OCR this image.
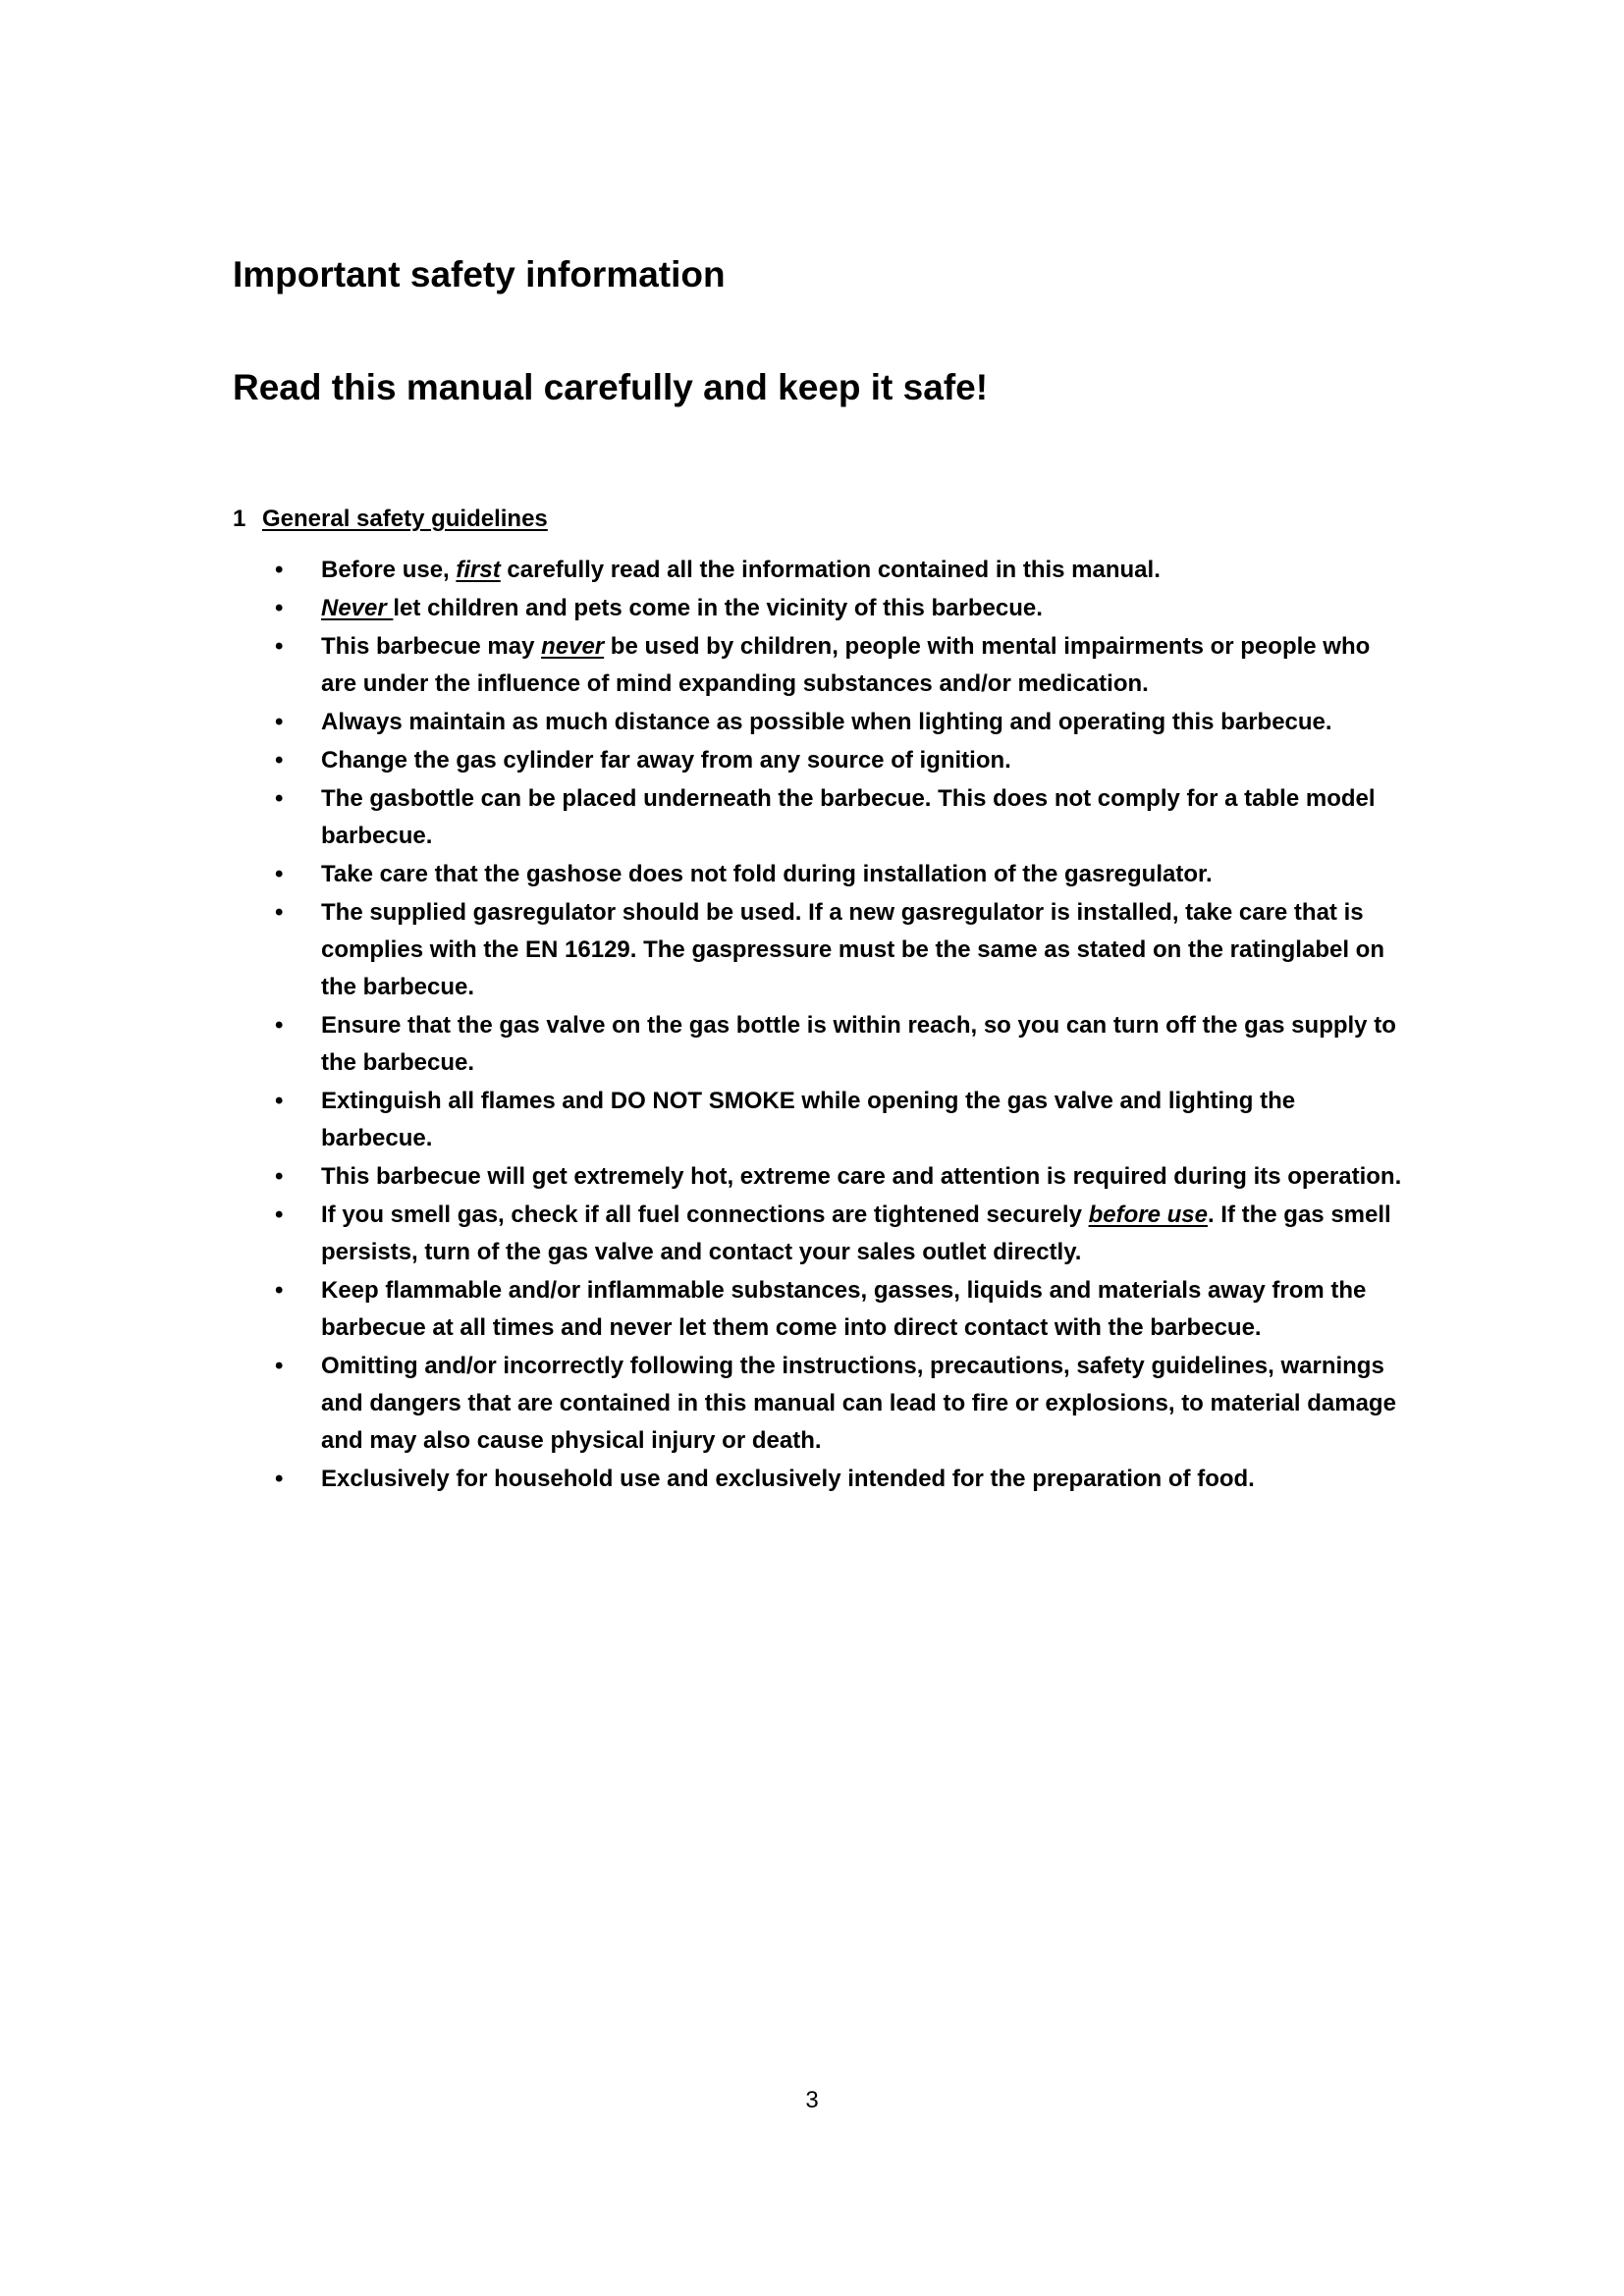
Important safety information
Read this manual carefully and keep it safe!
1 General safety guidelines
• Before use, first carefully read all the information contained in this manual.
• Never let children and pets come in the vicinity of this barbecue.
• This barbecue may never be used by children, people with mental impairments or people who are under the influence of mind expanding substances and/or medication.
• Always maintain as much distance as possible when lighting and operating this barbecue.
• Change the gas cylinder far away from any source of ignition.
• The gasbottle can be placed underneath the barbecue. This does not comply for a table model barbecue.
• Take care that the gashose does not fold during installation of the gasregulator.
• The supplied gasregulator should be used. If a new gasregulator is installed, take care that is complies with the EN 16129. The gaspressure must be the same as stated on the ratinglabel on the barbecue.
• Ensure that the gas valve on the gas bottle is within reach, so you can turn off the gas supply to the barbecue.
• Extinguish all flames and DO NOT SMOKE while opening the gas valve and lighting the barbecue.
• This barbecue will get extremely hot, extreme care and attention is required during its operation.
• If you smell gas, check if all fuel connections are tightened securely before use. If the gas smell persists, turn of the gas valve and contact your sales outlet directly.
• Keep flammable and/or inflammable substances, gasses, liquids and materials away from the barbecue at all times and never let them come into direct contact with the barbecue.
• Omitting and/or incorrectly following the instructions, precautions, safety guidelines, warnings and dangers that are contained in this manual can lead to fire or explosions, to material damage and may also cause physical injury or death.
• Exclusively for household use and exclusively intended for the preparation of food.

3
